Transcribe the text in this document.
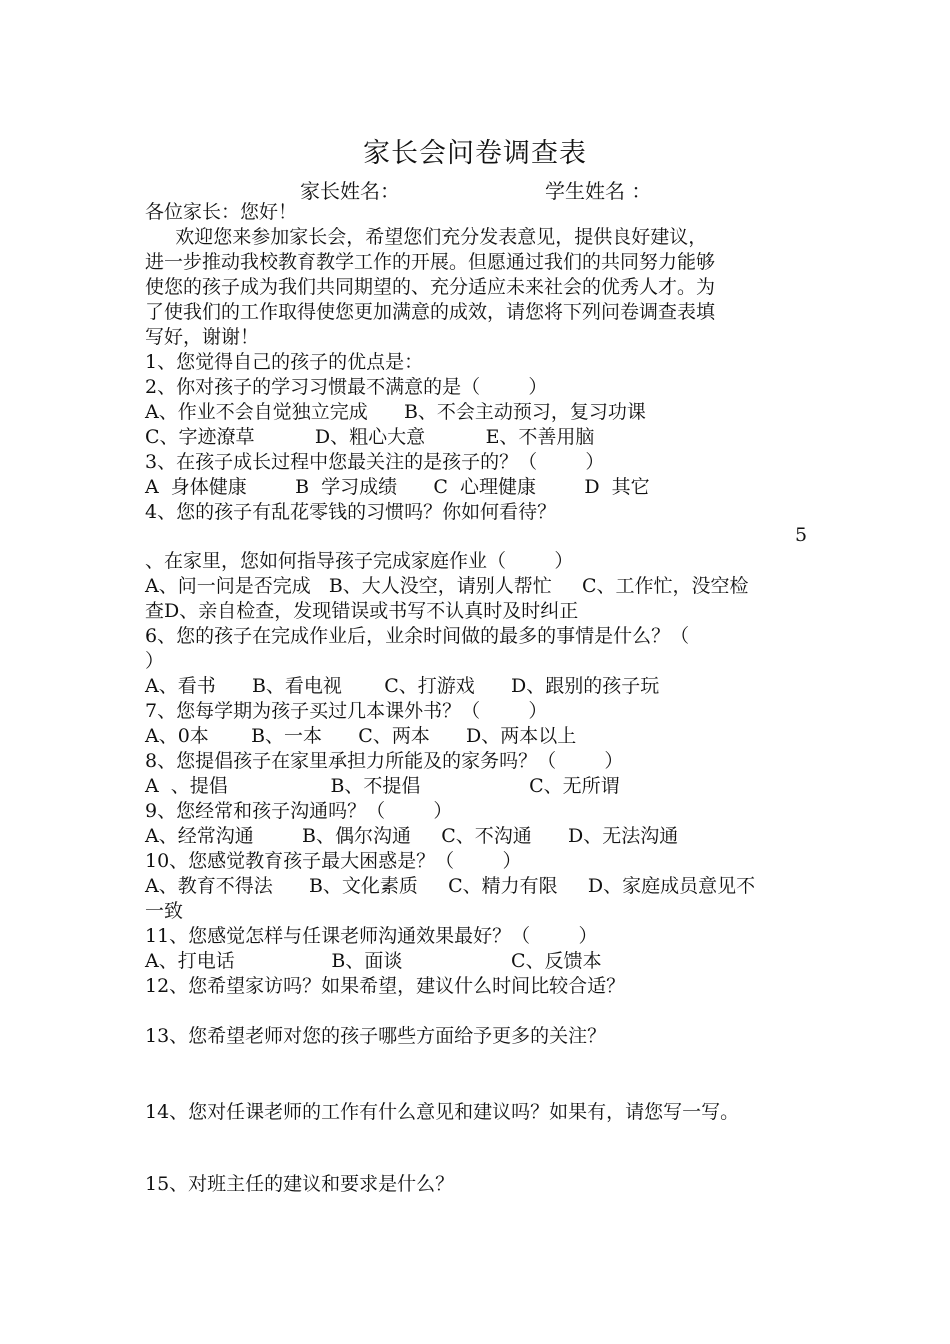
家长会问卷调查表
家长姓名：	学生姓名 ：
各位家长：您好！
欢迎您来参加家长会，希望您们充分发表意见，提供良好建议，
进一步推动我校教育教学工作的开展。但愿通过我们的共同努力能够
使您的孩子成为我们共同期望的、充分适应未来社会的优秀人才。为
了使我们的工作取得使您更加满意的成效，请您将下列问卷调查表填
写好，谢谢！
1、您觉得自己的孩子的优点是：
2、你对孩子的学习习惯最不满意的是（        ）
A、作业不会自觉独立完成      B、不会主动预习，复习功课
C、字迹潦草          D、粗心大意          E、不善用脑
3、在孩子成长过程中您最关注的是孩子的？（        ）
A  身体健康        B  学习成绩      C  心理健康        D  其它
4、您的孩子有乱花零钱的习惯吗？你如何看待？
5
、在家里，您如何指导孩子完成家庭作业（        ）
A、问一问是否完成   B、大人没空，请别人帮忙     C、工作忙，没空检
查D、亲自检查，发现错误或书写不认真时及时纠正
6、您的孩子在完成作业后，业余时间做的最多的事情是什么？（
）
A、看书      B、看电视       C、打游戏      D、跟别的孩子玩
7、您每学期为孩子买过几本课外书？（        ）
A、0本       B、一本      C、两本      D、两本以上
8、您提倡孩子在家里承担力所能及的家务吗？（        ）
A  、提倡                 B、不提倡                  C、无所谓
9、您经常和孩子沟通吗？（        ）
A、经常沟通        B、偶尔沟通     C、不沟通      D、无法沟通
10、您感觉教育孩子最大困惑是？（        ）
A、教育不得法      B、文化素质     C、精力有限     D、家庭成员意见不
一致
11、您感觉怎样与任课老师沟通效果最好？（        ）
A、打电话                B、面谈                  C、反馈本
12、您希望家访吗？如果希望，建议什么时间比较合适？
13、您希望老师对您的孩子哪些方面给予更多的关注？
14、您对任课老师的工作有什么意见和建议吗？如果有，请您写一写。
15、对班主任的建议和要求是什么？
